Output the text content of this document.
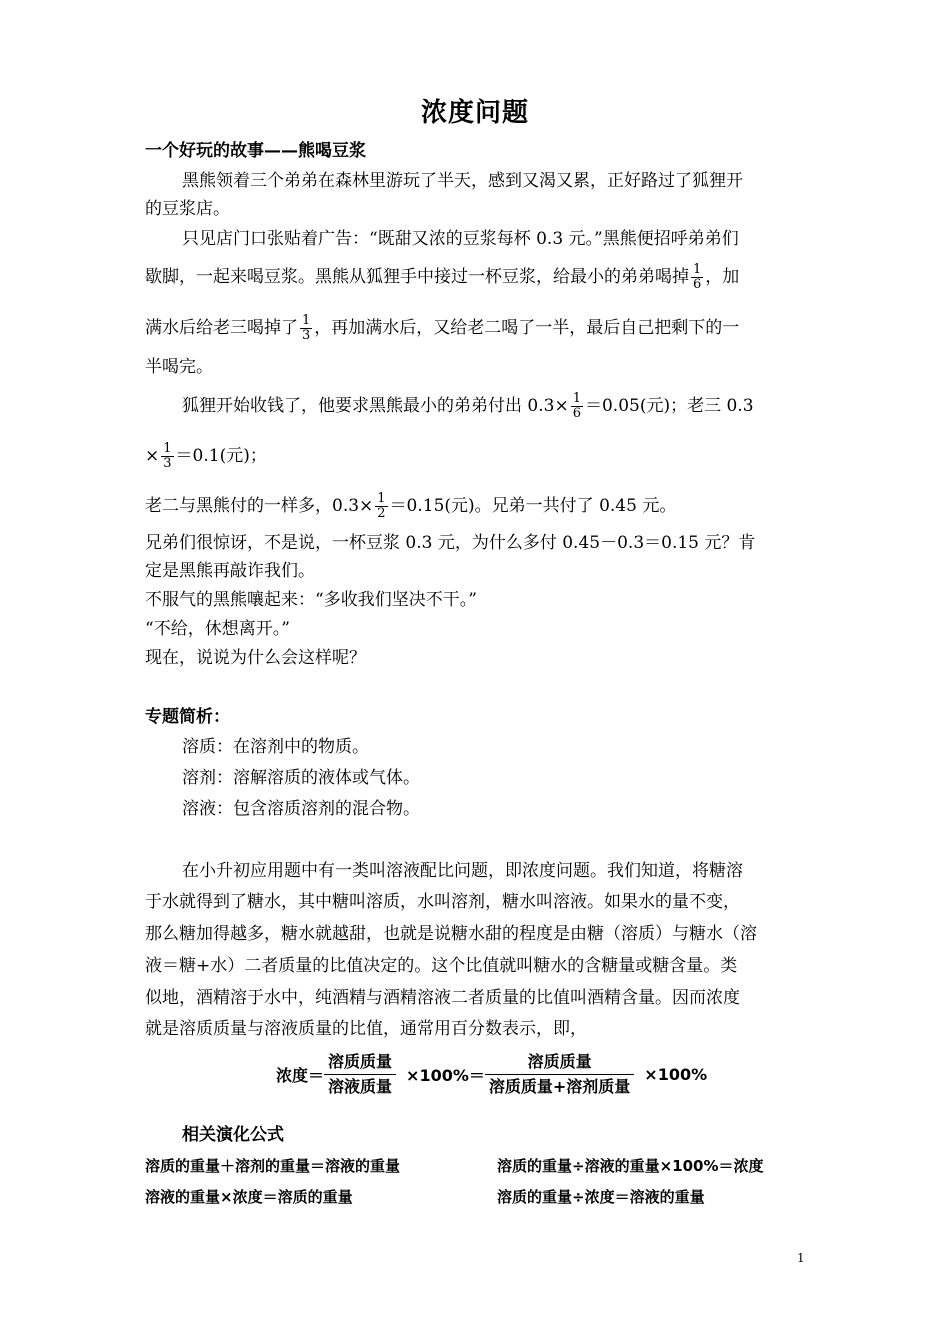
浓度问题
一个好玩的故事——熊喝豆浆
黑熊领着三个弟弟在森林里游玩了半天，感到又渴又累，正好路过了狐狸开
的豆浆店。
只见店门口张贴着广告：“既甜又浓的豆浆每杯 0.3 元。”黑熊便招呼弟弟们
歇脚，一起来喝豆浆。黑熊从狐狸手中接过一杯豆浆，给最小的弟弟喝掉 $\frac{1}{6}$ ，加
满水后给老三喝掉了 $\frac{1}{3}$ ，再加满水后，又给老二喝了一半，最后自己把剩下的一
半喝完。
狐狸开始收钱了，他要求黑熊最小的弟弟付出 $0.3\times \frac{1}{6} =0.05$(元)；老三 0.3
× $\frac{1}{3} =0.1$(元)；
老二与黑熊付的一样多，$0.3\times \frac{1}{2} =0.15$(元)。兄弟一共付了 0.45 元。
兄弟们很惊讶，不是说，一杯豆浆 0.3 元，为什么多付 0.45－0.3＝0.15 元？肯
定是黑熊再敲诈我们。
不服气的黑熊嚷起来：“多收我们坚决不干。”
“不给，休想离开。”
现在，说说为什么会这样呢？
专题简析：
溶质：在溶剂中的物质。
溶剂：溶解溶质的液体或气体。
溶液：包含溶质溶剂的混合物。
在小升初应用题中有一类叫溶液配比问题，即浓度问题。我们知道，将糖溶
于水就得到了糖水，其中糖叫溶质，水叫溶剂，糖水叫溶液。如果水的量不变，
那么糖加得越多，糖水就越甜，也就是说糖水甜的程度是由糖（溶质）与糖水（溶
液＝糖+水）二者质量的比值决定的。这个比值就叫糖水的含糖量或糖含量。类
似地，酒精溶于水中，纯酒精与酒精溶液二者质量的比值叫酒精含量。因而浓度
就是溶质质量与溶液质量的比值，通常用百分数表示，即，
浓度＝ $\frac{\text{溶质质量}}{\text{溶液质量}} \times 100\%= \frac{\text{溶质质量}}{\text{溶质质量+溶剂质量}} \times 100\%$
相关演化公式
溶质的重量＋溶剂的重量＝溶液的重量	溶质的重量÷溶液的重量×100%＝浓度
溶液的重量×浓度＝溶质的重量	溶质的重量÷浓度＝溶液的重量
1
